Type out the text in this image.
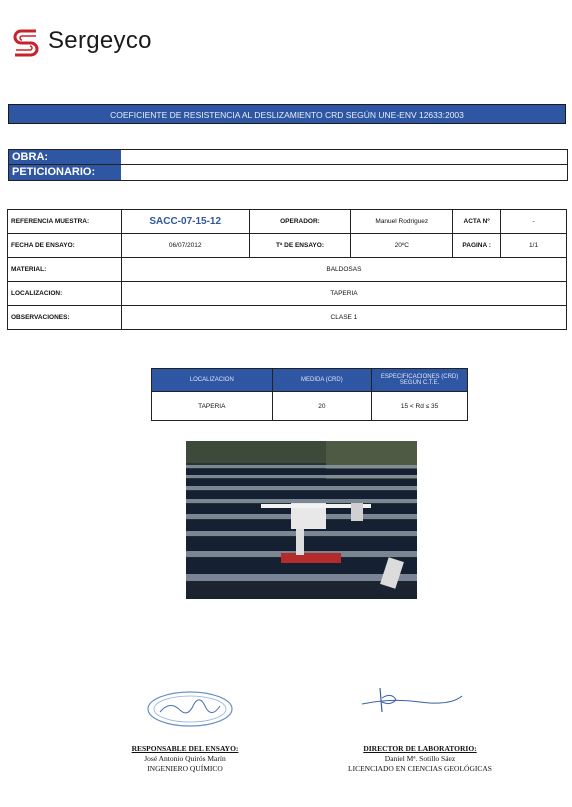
Sergeyco
COEFICIENTE DE RESISTENCIA AL DESLIZAMIENTO CRD SEGÚN UNE-ENV 12633:2003
OBRA:
PETICIONARIO:
REFERENCIA MUESTRA:	SACC-07-15-12	OPERADOR:	Manuel Rodriguez	ACTA Nº	-
FECHA DE ENSAYO:	06/07/2012	Tª DE ENSAYO:	20ºC	PAGINA :	1/1
MATERIAL:	BALDOSAS				
LOCALIZACION:	TAPERIA				
OBSERVACIONES:	CLASE 1				
LOCALIZACION	MEDIDA (CRD)	ESPECIFICACIONES (CRD) SEGÚN C.T.E.
TAPERIA	20	15 < Rd ≤ 35
RESPONSABLE DEL ENSAYO:
José Antonio Quirós Marín
INGENIERO QUÍMICO
DIRECTOR DE LABORATORIO:
Daniel Mª. Sotillo Sáez
LICENCIADO EN CIENCIAS GEOLÓGICAS
